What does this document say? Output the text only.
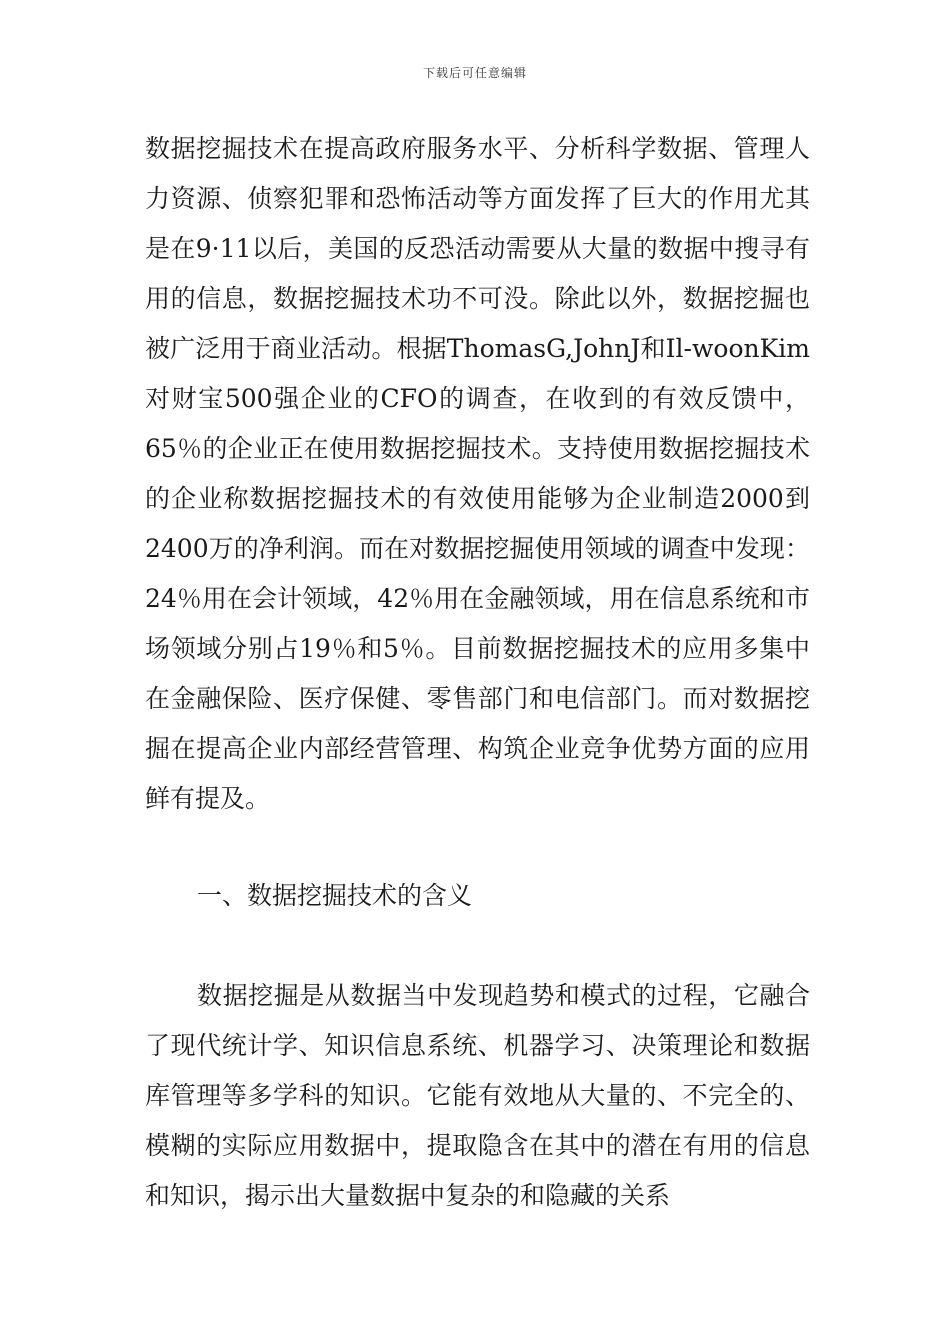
下载后可任意编辑

数据挖掘技术在提高政府服务水平、分析科学数据、管理人力资源、侦察犯罪和恐怖活动等方面发挥了巨大的作用尤其是在9·11以后，美国的反恐活动需要从大量的数据中搜寻有用的信息，数据挖掘技术功不可没。除此以外，数据挖掘也被广泛用于商业活动。根据ThomasG,JohnJ和Il-woonKim对财宝500强企业的CFO的调查，在收到的有效反馈中，65％的企业正在使用数据挖掘技术。支持使用数据挖掘技术的企业称数据挖掘技术的有效使用能够为企业制造2000到2400万的净利润。而在对数据挖掘使用领域的调查中发现：24％用在会计领域，42％用在金融领域，用在信息系统和市场领域分别占19％和5％。目前数据挖掘技术的应用多集中在金融保险、医疗保健、零售部门和电信部门。而对数据挖掘在提高企业内部经营管理、构筑企业竞争优势方面的应用鲜有提及。

一、数据挖掘技术的含义

数据挖掘是从数据当中发现趋势和模式的过程，它融合了现代统计学、知识信息系统、机器学习、决策理论和数据库管理等多学科的知识。它能有效地从大量的、不完全的、模糊的实际应用数据中，提取隐含在其中的潜在有用的信息和知识，揭示出大量数据中复杂的和隐藏的关系
